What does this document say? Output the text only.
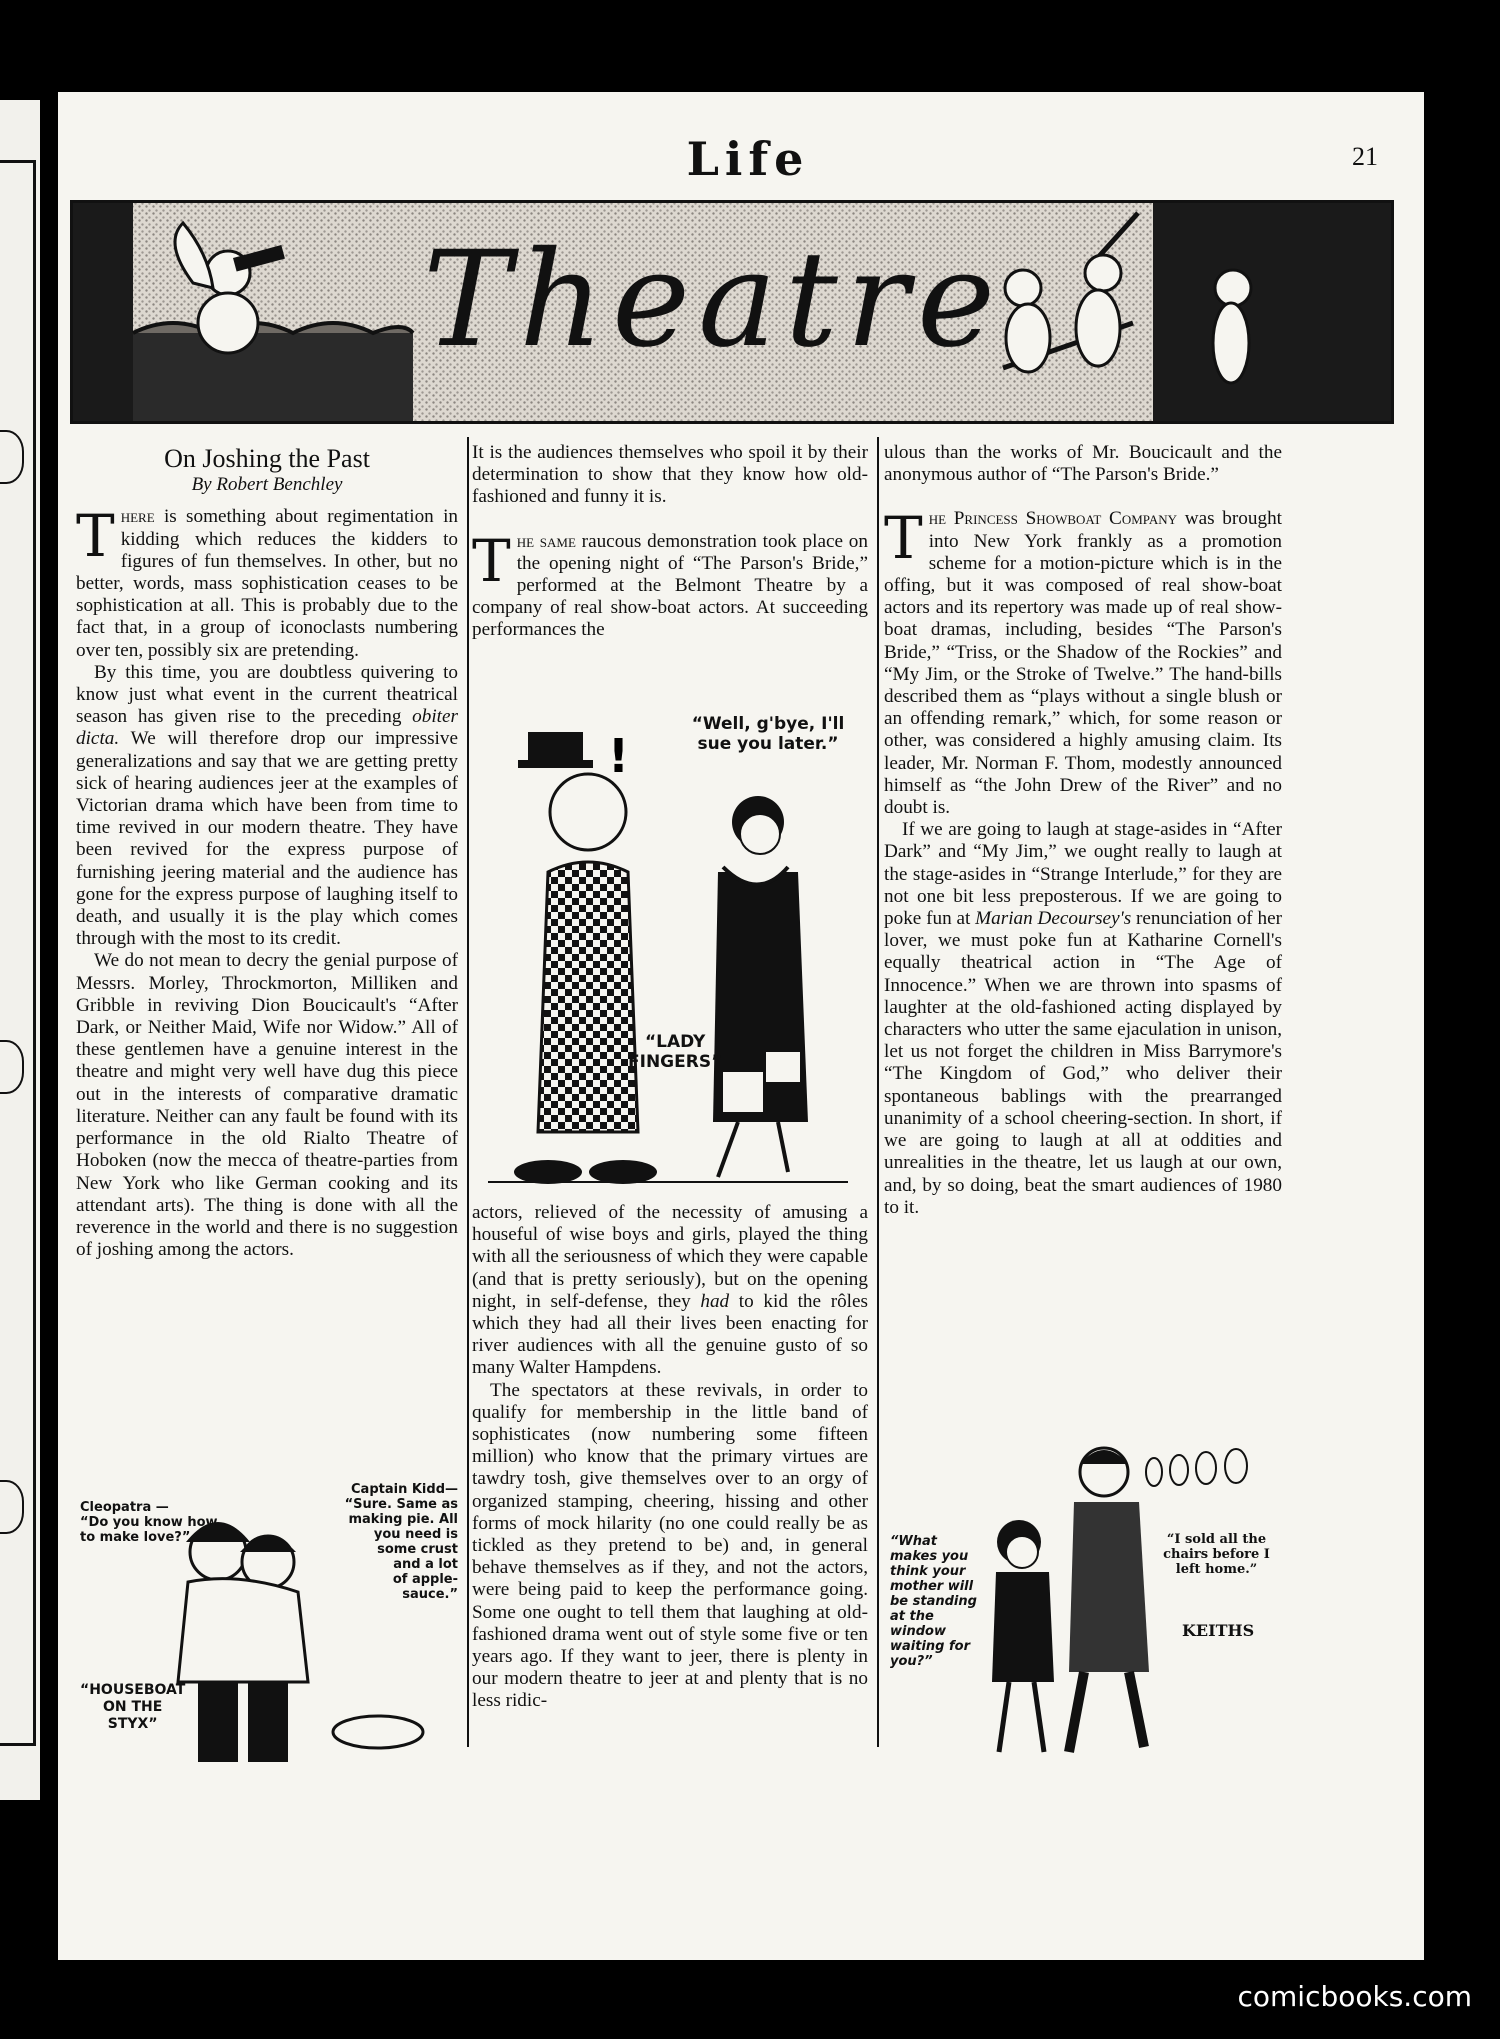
Life	21
Theatre
On Joshing the Past
By Robert Benchley

There is something about regimentation in kidding which reduces the kidders to figures of fun themselves. In other, but no better, words, mass sophistication ceases to be sophistication at all. This is probably due to the fact that, in a group of iconoclasts numbering over ten, possibly six are pretending.

By this time, you are doubtless quivering to know just what event in the current theatrical season has given rise to the preceding obiter dicta. We will therefore drop our impressive generalizations and say that we are getting pretty sick of hearing audiences jeer at the examples of Victorian drama which have been from time to time revived in our modern theatre. They have been revived for the express purpose of furnishing jeering material and the audience has gone for the express purpose of laughing itself to death, and usually it is the play which comes through with the most to its credit.

We do not mean to decry the genial purpose of Messrs. Morley, Throckmorton, Milliken and Gribble in reviving Dion Boucicault's “After Dark, or Neither Maid, Wife nor Widow.” All of these gentlemen have a genuine interest in the theatre and might very well have dug this piece out in the interests of comparative dramatic literature. Neither can any fault be found with its performance in the old Rialto Theatre of Hoboken (now the mecca of theatre-parties from New York who like German cooking and its attendant arts). The thing is done with all the reverence in the world and there is no suggestion of joshing among the actors.

It is the audiences themselves who spoil it by their determination to show that they know how old-fashioned and funny it is.

The same raucous demonstration took place on the opening night of “The Parson's Bride,” performed at the Belmont Theatre by a company of real show-boat actors. At succeeding performances the

!
“Well, g'bye, I'll sue you later.”
“LADY
FINGERS”

actors, relieved of the necessity of amusing a houseful of wise boys and girls, played the thing with all the seriousness of which they were capable (and that is pretty seriously), but on the opening night, in self-defense, they had to kid the rôles which they had all their lives been enacting for river audiences with all the genuine gusto of so many Walter Hampdens.

The spectators at these revivals, in order to qualify for membership in the little band of sophisticates (now numbering some fifteen million) who know that the primary virtues are tawdry tosh, give themselves over to an orgy of organized stamping, cheering, hissing and other forms of mock hilarity (no one could really be as tickled as they pretend to be) and, in general behave themselves as if they, and not the actors, were being paid to keep the performance going. Some one ought to tell them that laughing at old-fashioned drama went out of style some five or ten years ago. If they want to jeer, there is plenty in our modern theatre to jeer at and plenty that is no less ridic-

ulous than the works of Mr. Boucicault and the anonymous author of “The Parson's Bride.”

The Princess Showboat Company was brought into New York frankly as a promotion scheme for a motion-picture which is in the offing, but it was composed of real show-boat actors and its repertory was made up of real show-boat dramas, including, besides “The Parson's Bride,” “Triss, or the Shadow of the Rockies” and “My Jim, or the Stroke of Twelve.” The hand-bills described them as “plays without a single blush or an offending remark,” which, for some reason or other, was considered a highly amusing claim. Its leader, Mr. Norman F. Thom, modestly announced himself as “the John Drew of the River” and no doubt is.

If we are going to laugh at stage-asides in “After Dark” and “My Jim,” we ought really to laugh at the stage-asides in “Strange Interlude,” for they are not one bit less preposterous. If we are going to poke fun at Marian Decoursey's renunciation of her lover, we must poke fun at Katharine Cornell's equally theatrical action in “The Age of Innocence.” When we are thrown into spasms of laughter at the old-fashioned acting displayed by characters who utter the same ejaculation in unison, let us not forget the children in Miss Barrymore's “The Kingdom of God,” who deliver their spontaneous bablings with the prearranged unanimity of a school cheering-section. In short, if we are going to laugh at all at oddities and unrealities in the theatre, let us laugh at our own, and, by so doing, beat the smart audiences of 1980 to it.

Cleopatra —
“Do you know how
to make love?”
Captain Kidd—
“Sure. Same as
making pie. All
you need is
some crust
and a lot
of apple-
sauce.”
“HOUSEBOAT
ON THE
STYX”
“What
makes you
think your
mother will
be standing
at the
window
waiting for
you?”
“I sold all the
chairs before I
left home.”
KEITHS
comicbooks.com
